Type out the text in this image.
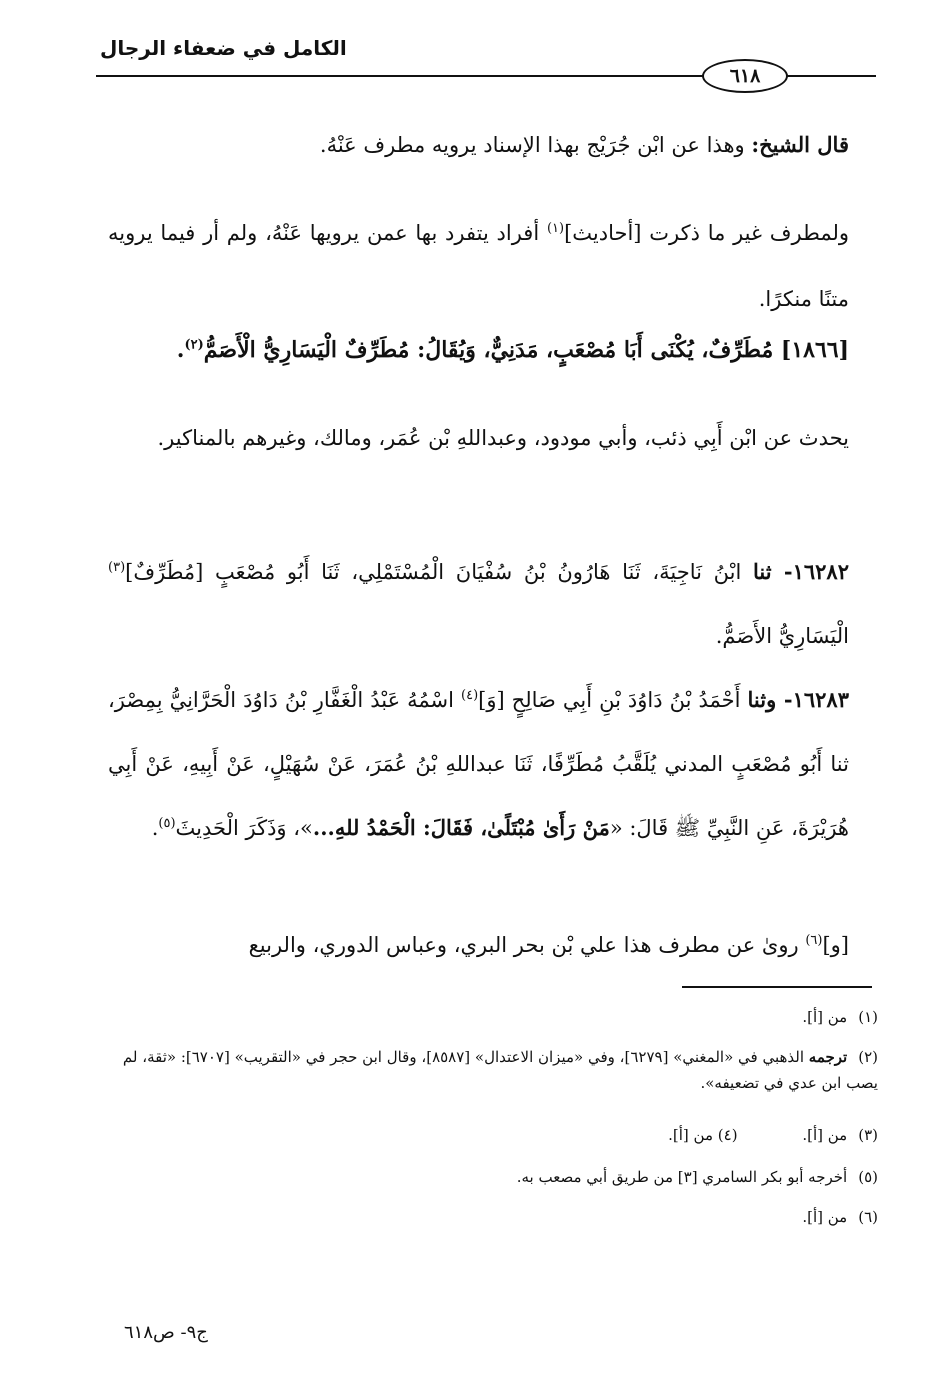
الكامل في ضعفاء الرجال
٦١٨
قال الشيخ: وهذا عن ابْن جُرَيْج بهذا الإسناد يرويه مطرف عَنْهُ.
ولمطرف غير ما ذكرت [أحاديث]$^{(١)}$ أفراد يتفرد بها عمن يرويها عَنْهُ، ولم أر فيما يرويه متنًا منكرًا.
[١٨٦٦] مُطَرِّفٌ، يُكْنَى أَبَا مُصْعَبٍ، مَدَنِيٌّ، وَيُقَالُ: مُطَرِّفٌ الْيَسَارِيُّ الْأَصَمُّ$^{(٢)}$.
يحدث عن ابْن أَبِي ذئب، وأبي مودود، وعبداللهِ بْن عُمَر، ومالك، وغيرهم بالمناكير.
١٦٢٨٢- ثنا ابْنُ نَاجِيَةَ، ثَنَا هَارُونُ بْنُ سُفْيَانَ الْمُسْتَمْلِي، ثَنَا أَبُو مُصْعَبٍ [مُطَرِّفٌ]$^{(٣)}$ الْيَسَارِيُّ الأَصَمُّ.
١٦٢٨٣- وثنا أَحْمَدُ بْنُ دَاوُدَ بْنِ أَبِي صَالِحٍ [وَ]$^{(٤)}$ اسْمُهُ عَبْدُ الْغَفَّارِ بْنُ دَاوُدَ الْحَرَّانِيُّ بِمِصْرَ، ثنا أَبُو مُصْعَبٍ المدني يُلَقَّبُ مُطَرِّفًا، ثَنَا عبداللهِ بْنُ عُمَرَ، عَنْ سُهَيْلٍ، عَنْ أَبِيهِ، عَنْ أَبِي هُرَيْرَةَ، عَنِ النَّبِيِّ ﷺ قَالَ: «مَنْ رَأَىٰ مُبْتَلًىٰ، فَقَالَ: الْحَمْدُ للهِ...»، وَذَكَرَ الْحَدِيثَ$^{(٥)}$.
[و]$^{(٦)}$ روىٰ عن مطرف هذا علي بْن بحر البري، وعباس الدوري، والربيع
(١) من [أ].
(٢) ترجمه الذهبي في «المغني» [٦٢٧٩]، وفي «ميزان الاعتدال» [٨٥٨٧]، وقال ابن حجر في «التقريب» [٦٧٠٧]: «ثقة، لم يصب ابن عدي في تضعيفه».
(٣) من [أ]. (٤) من [أ].
(٥) أخرجه أبو بكر السامري [٣] من طريق أبي مصعب به.
(٦) من [أ].
ج٩- ص٦١٨
